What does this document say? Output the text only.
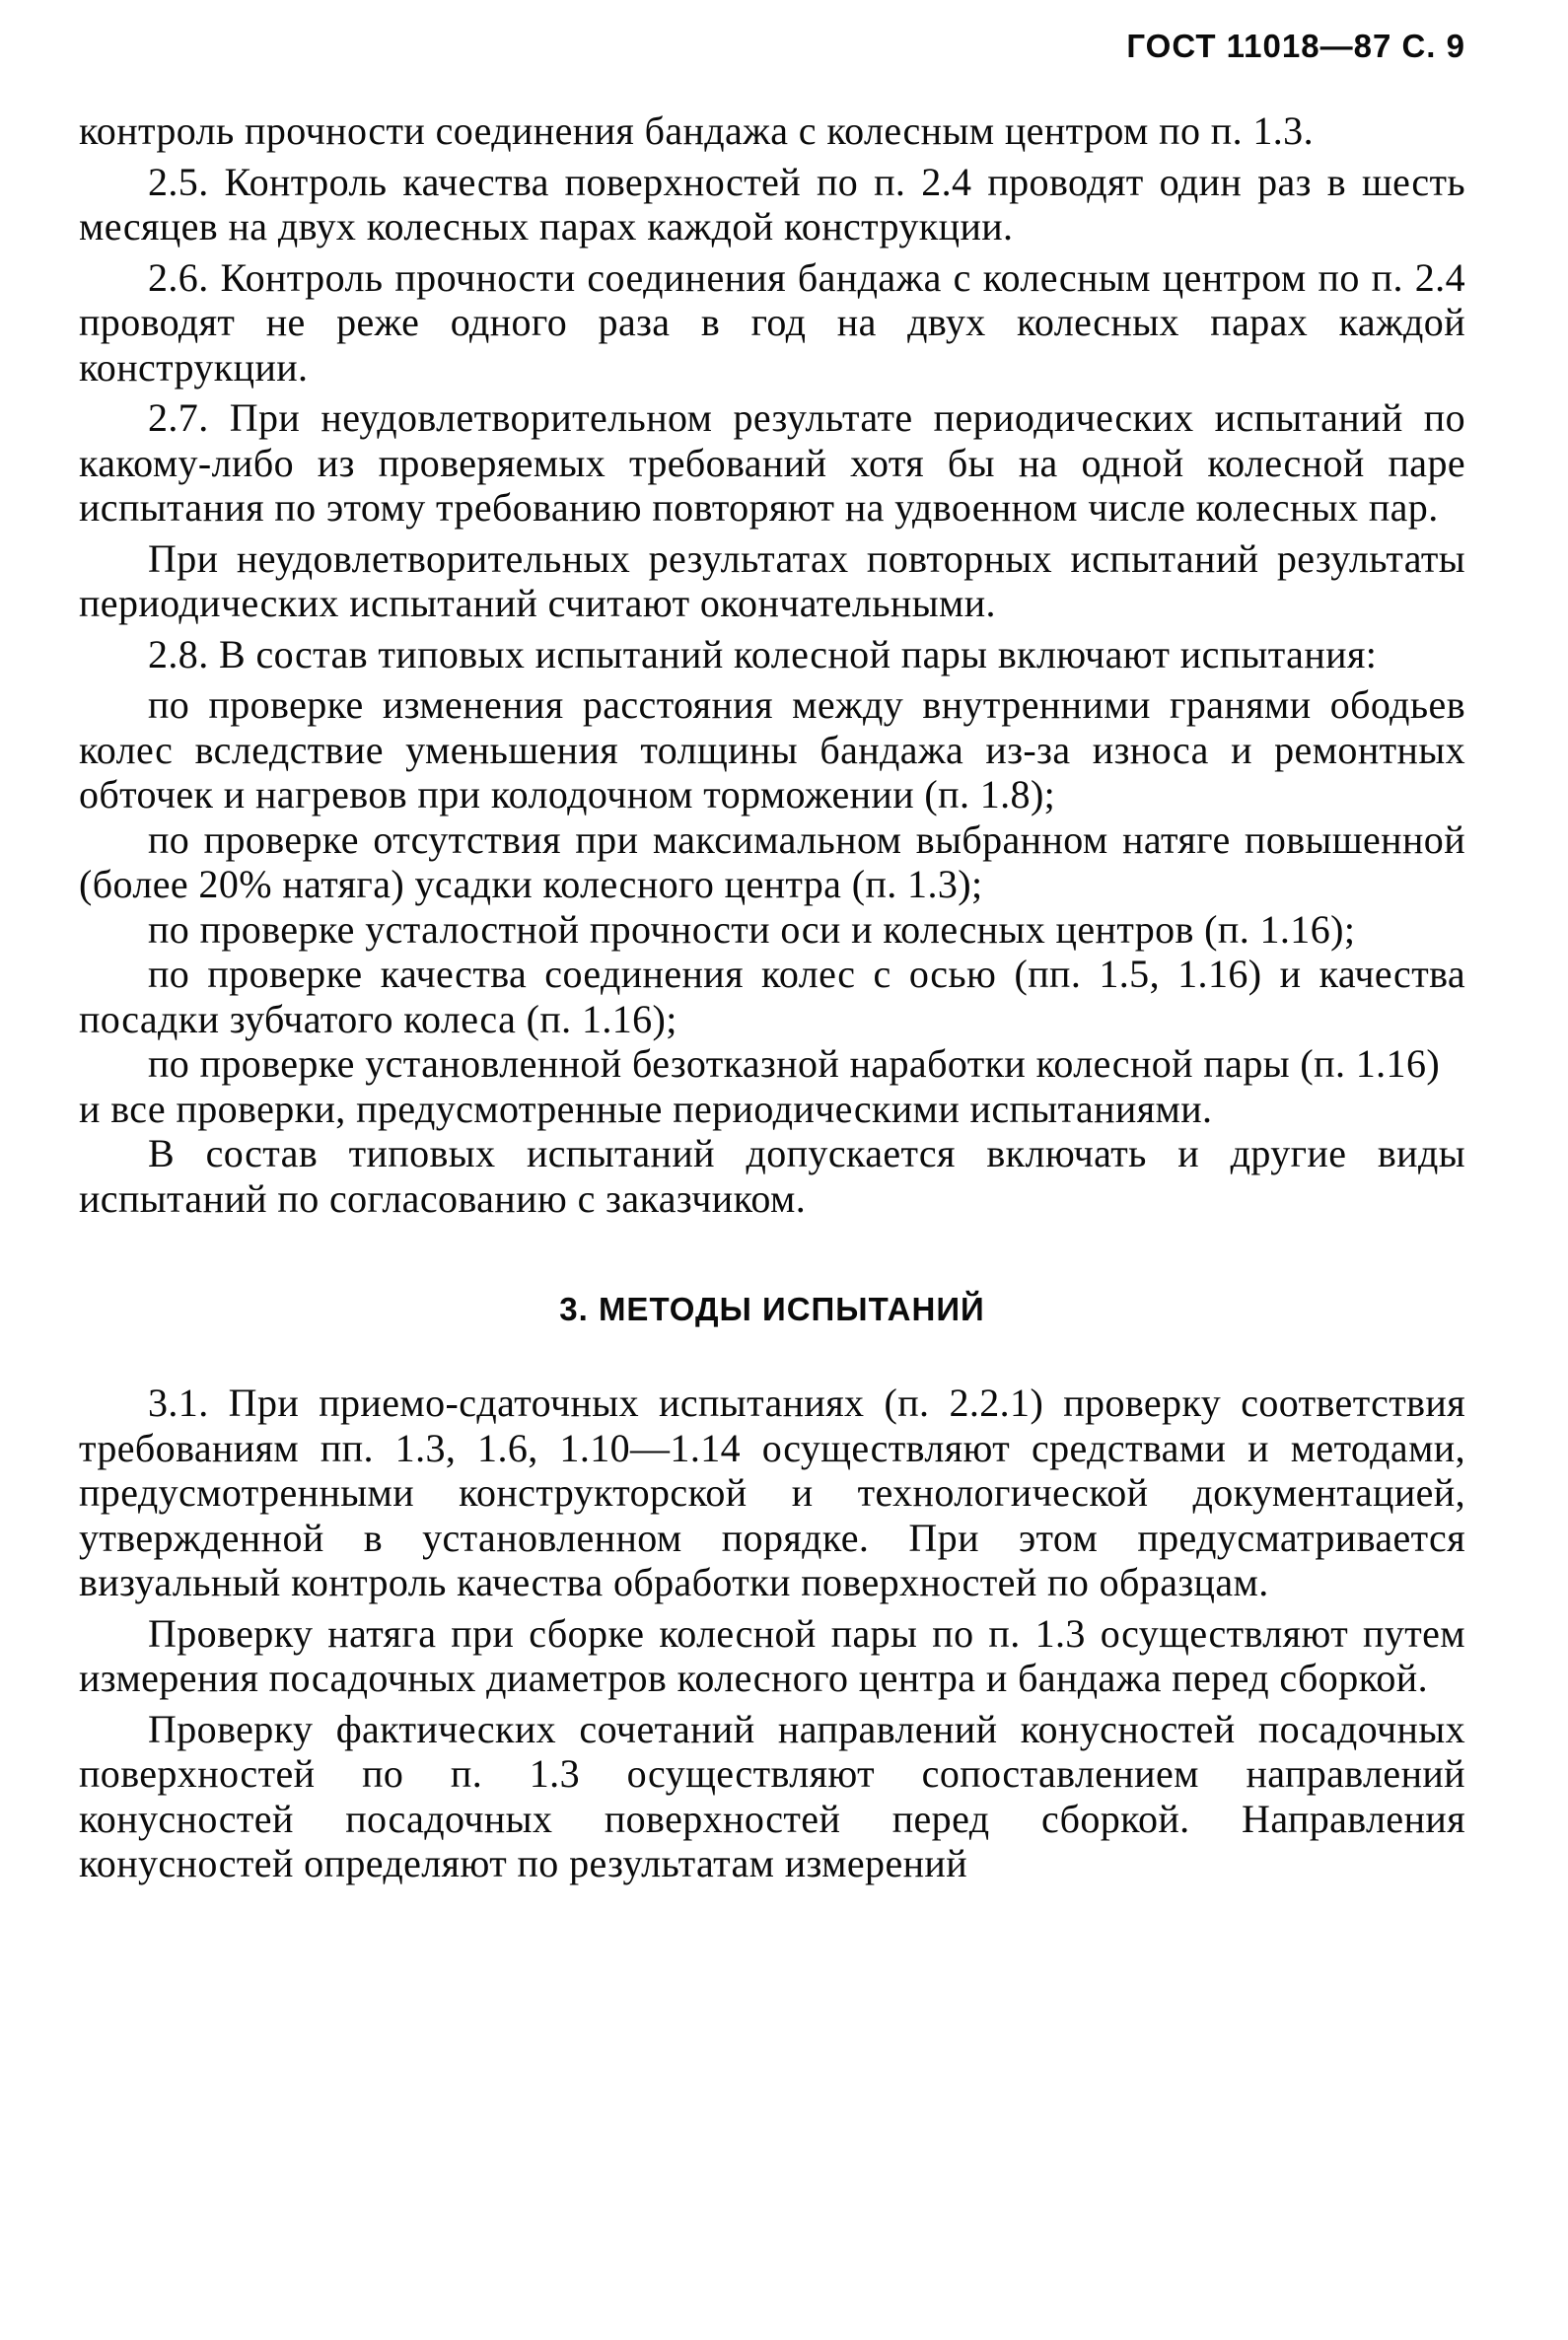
ГОСТ 11018—87 С. 9

контроль прочности соединения бандажа с колесным центром по п. 1.3.

2.5. Контроль качества поверхностей по п. 2.4 проводят один раз в шесть месяцев на двух колесных парах каждой конструкции.

2.6. Контроль прочности соединения бандажа с колесным центром по п. 2.4 проводят не реже одного раза в год на двух колесных парах каждой конструкции.

2.7. При неудовлетворительном результате периодических испытаний по какому-либо из проверяемых требований хотя бы на одной колесной паре испытания по этому требованию повторяют на удвоенном числе колесных пар.

При неудовлетворительных результатах повторных испытаний результаты периодических испытаний считают окончательными.

2.8. В состав типовых испытаний колесной пары включают испытания:

по проверке изменения расстояния между внутренними гранями ободьев колес вследствие уменьшения толщины бандажа из-за износа и ремонтных обточек и нагревов при колодочном торможении (п. 1.8);

по проверке отсутствия при максимальном выбранном натяге повышенной (более 20% натяга) усадки колесного центра (п. 1.3);

по проверке усталостной прочности оси и колесных центров (п. 1.16);

по проверке качества соединения колес с осью (пп. 1.5, 1.16) и качества посадки зубчатого колеса (п. 1.16);

по проверке установленной безотказной наработки колесной пары (п. 1.16)

и все проверки, предусмотренные периодическими испытаниями.

В состав типовых испытаний допускается включать и другие виды испытаний по согласованию с заказчиком.

3. МЕТОДЫ ИСПЫТАНИЙ

3.1. При приемо-сдаточных испытаниях (п. 2.2.1) проверку соответствия требованиям пп. 1.3, 1.6, 1.10—1.14 осуществляют средствами и методами, предусмотренными конструкторской и технологической документацией, утвержденной в установленном порядке. При этом предусматривается визуальный контроль качества обработки поверхностей по образцам.

Проверку натяга при сборке колесной пары по п. 1.3 осуществляют путем измерения посадочных диаметров колесного центра и бандажа перед сборкой.

Проверку фактических сочетаний направлений конусностей посадочных поверхностей по п. 1.3 осуществляют сопоставлением направлений конусностей посадочных поверхностей перед сборкой. Направления конусностей определяют по результатам измерений
